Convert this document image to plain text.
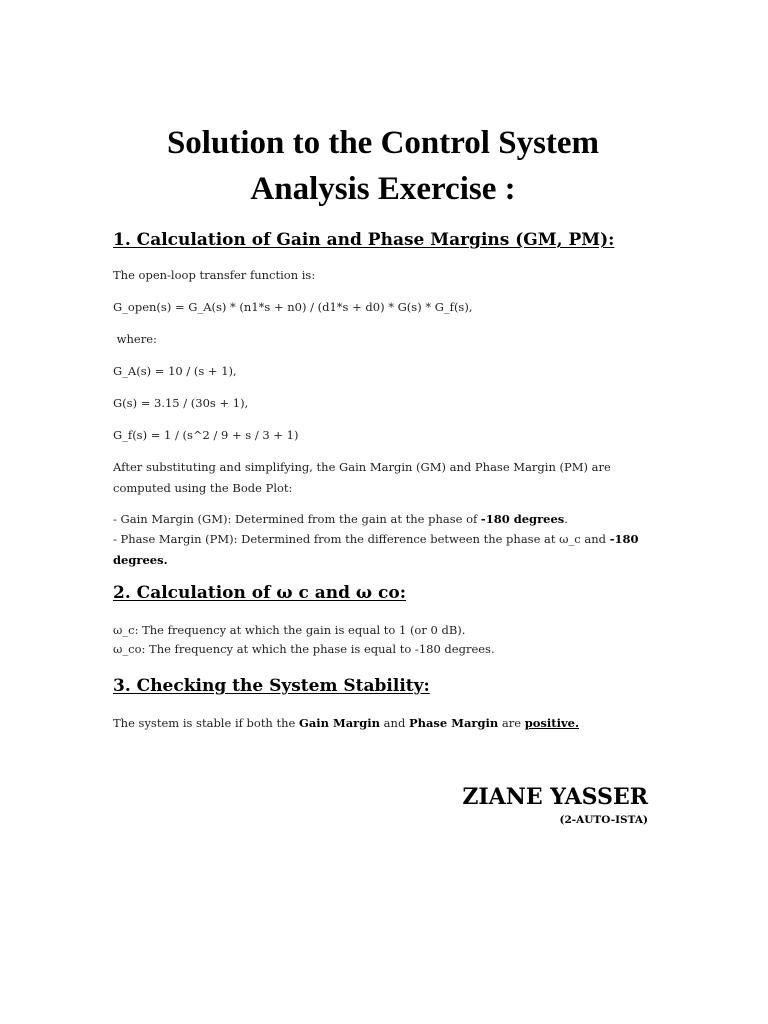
Solution to the Control System
Analysis Exercise :
1. Calculation of Gain and Phase Margins (GM, PM):
The open-loop transfer function is:
G_open(s) = G_A(s) * (n1*s + n0) / (d1*s + d0) * G(s) * G_f(s),
where:
G_A(s) = 10 / (s + 1),
G(s) = 3.15 / (30s + 1),
G_f(s) = 1 / (s^2 / 9 + s / 3 + 1)
After substituting and simplifying, the Gain Margin (GM) and Phase Margin (PM) are computed using the Bode Plot:
- Gain Margin (GM): Determined from the gain at the phase of -180 degrees.
- Phase Margin (PM): Determined from the difference between the phase at ω_c and -180 degrees.
2. Calculation of ω c and ω co:
ω_c: The frequency at which the gain is equal to 1 (or 0 dB).
ω_co: The frequency at which the phase is equal to -180 degrees.
3. Checking the System Stability:
The system is stable if both the Gain Margin and Phase Margin are positive.
ZIANE YASSER
(2-AUTO-ISTA)
